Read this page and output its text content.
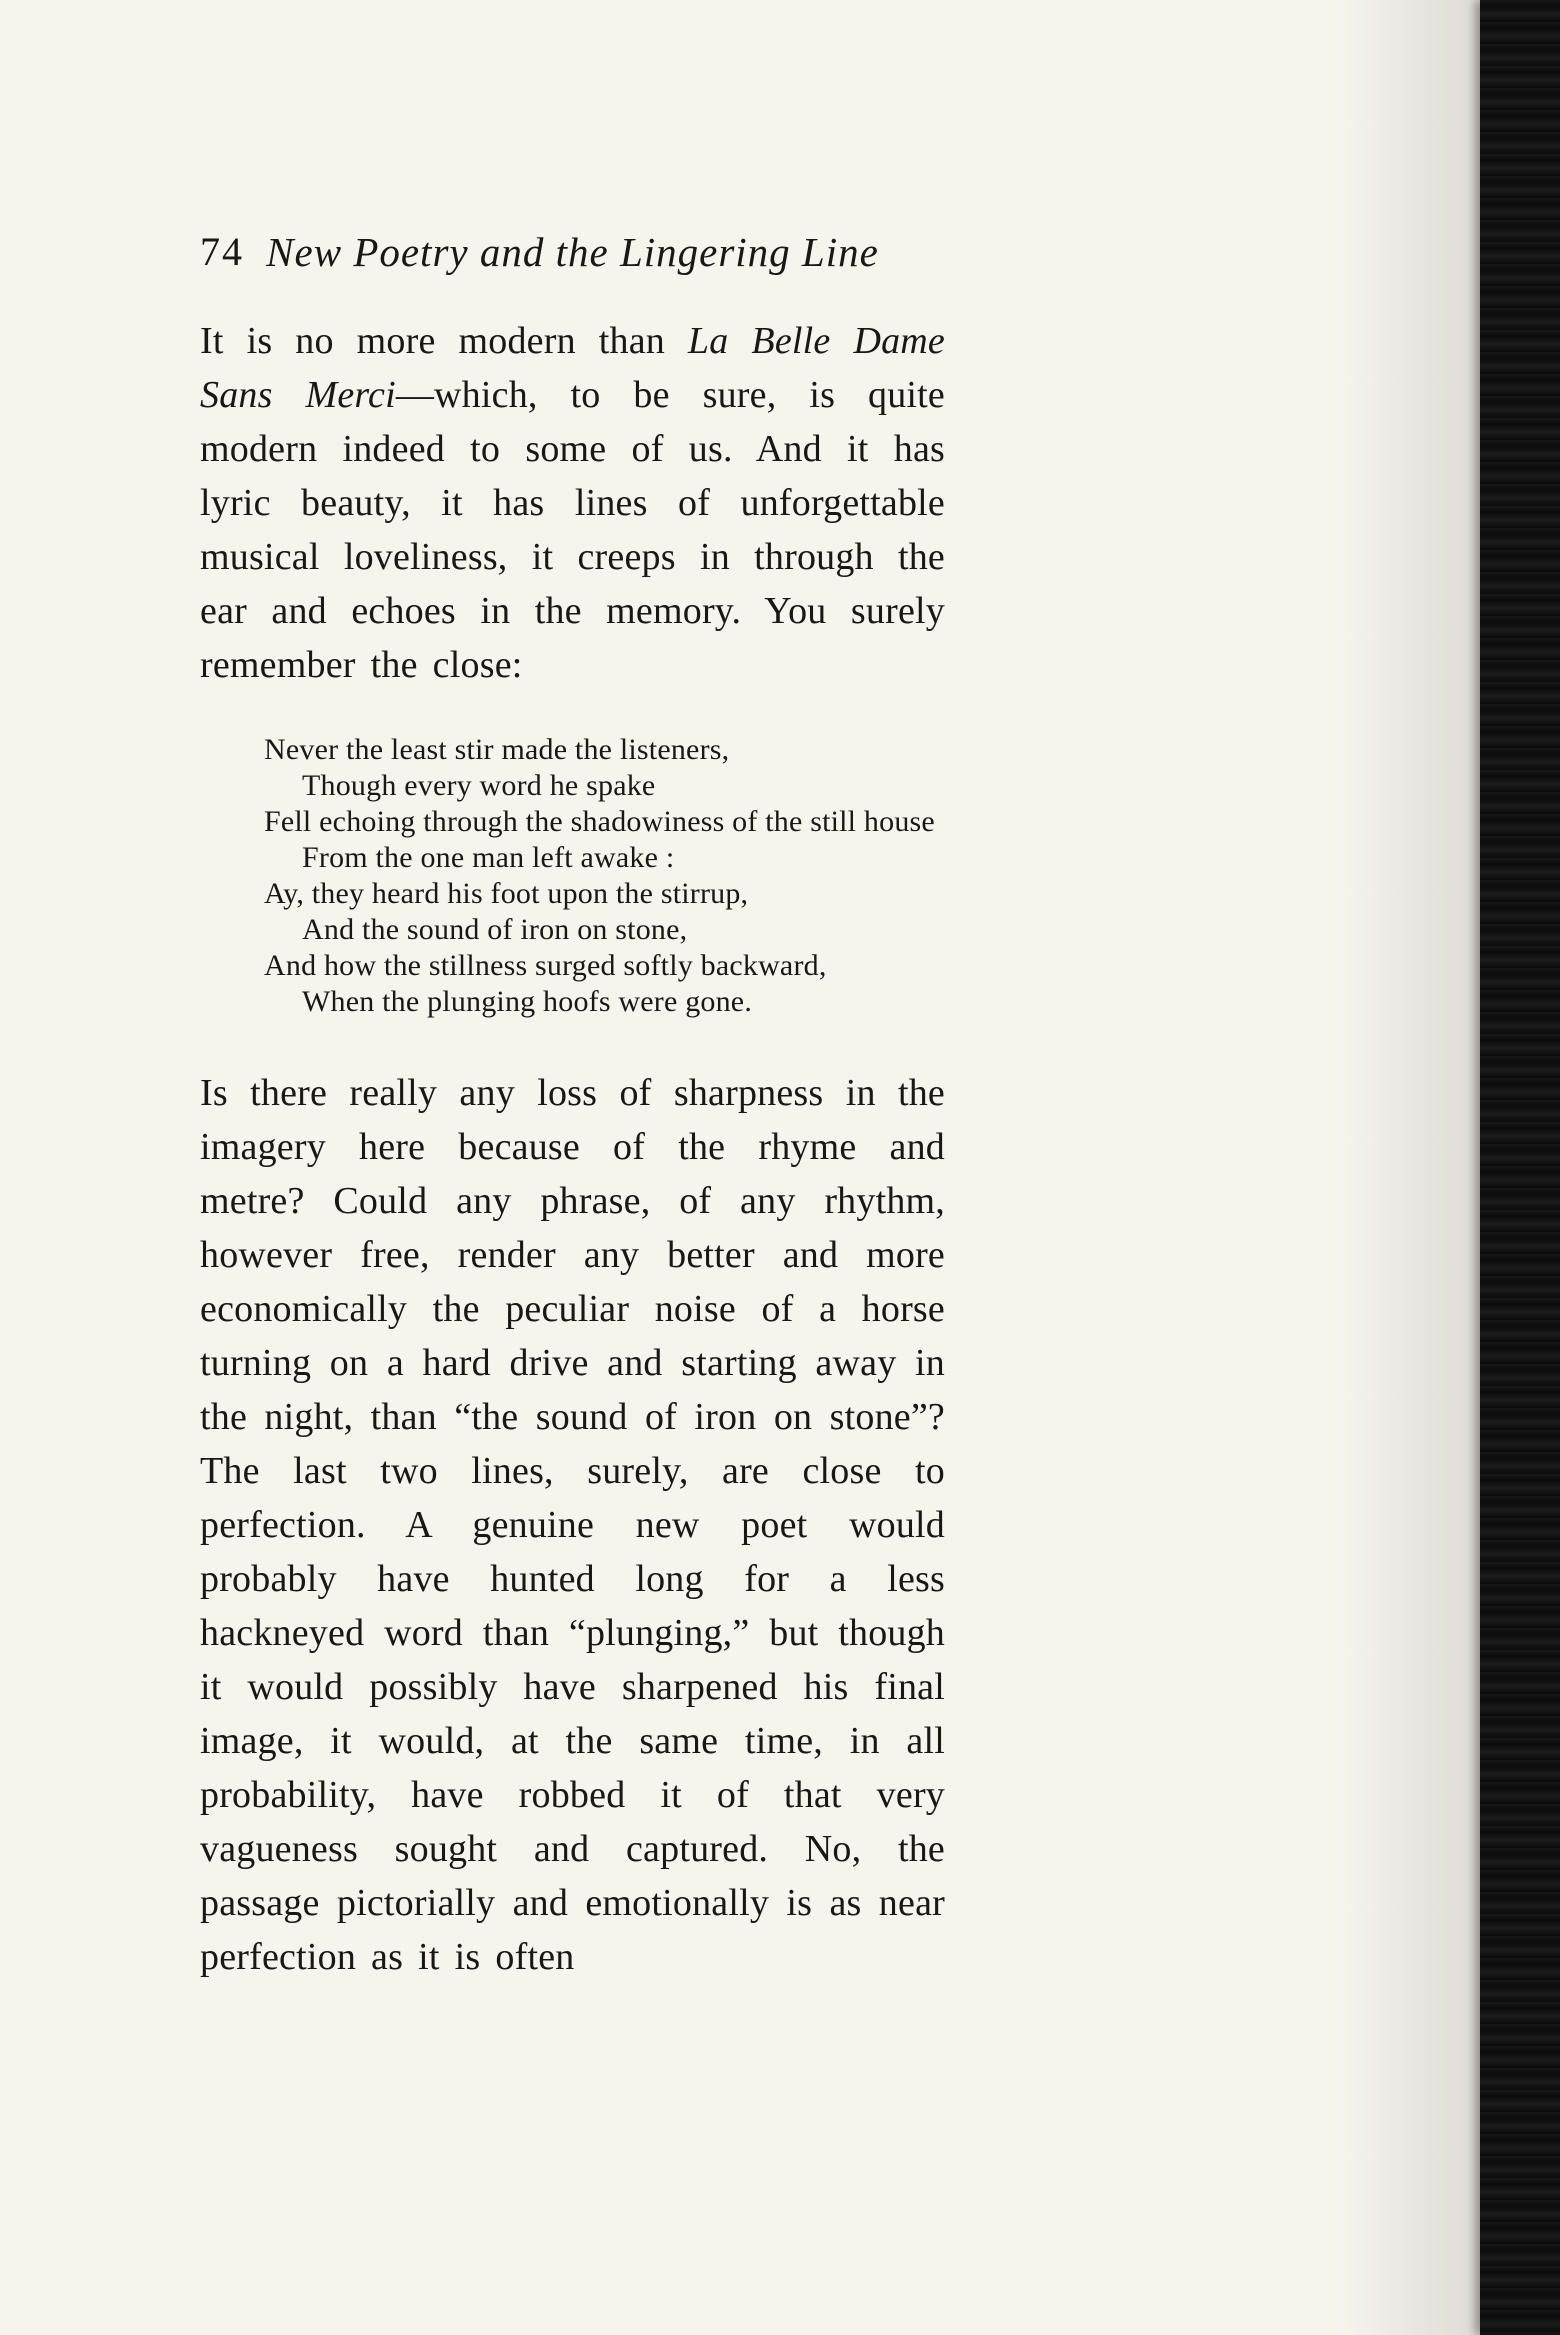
74 New Poetry and the Lingering Line

It is no more modern than La Belle Dame Sans Merci—which, to be sure, is quite modern indeed to some of us. And it has lyric beauty, it has lines of unforgettable musical loveliness, it creeps in through the ear and echoes in the memory. You surely remember the close:

Never the least stir made the listeners,
Though every word he spake
Fell echoing through the shadowiness of the still house
From the one man left awake :
Ay, they heard his foot upon the stirrup,
And the sound of iron on stone,
And how the stillness surged softly backward,
When the plunging hoofs were gone.

Is there really any loss of sharpness in the imagery here because of the rhyme and metre? Could any phrase, of any rhythm, however free, render any better and more economically the peculiar noise of a horse turning on a hard drive and starting away in the night, than “the sound of iron on stone”? The last two lines, surely, are close to perfection. A genuine new poet would probably have hunted long for a less hackneyed word than “plunging,” but though it would possibly have sharpened his final image, it would, at the same time, in all probability, have robbed it of that very vagueness sought and captured. No, the passage pictorially and emotionally is as near perfection as it is often
